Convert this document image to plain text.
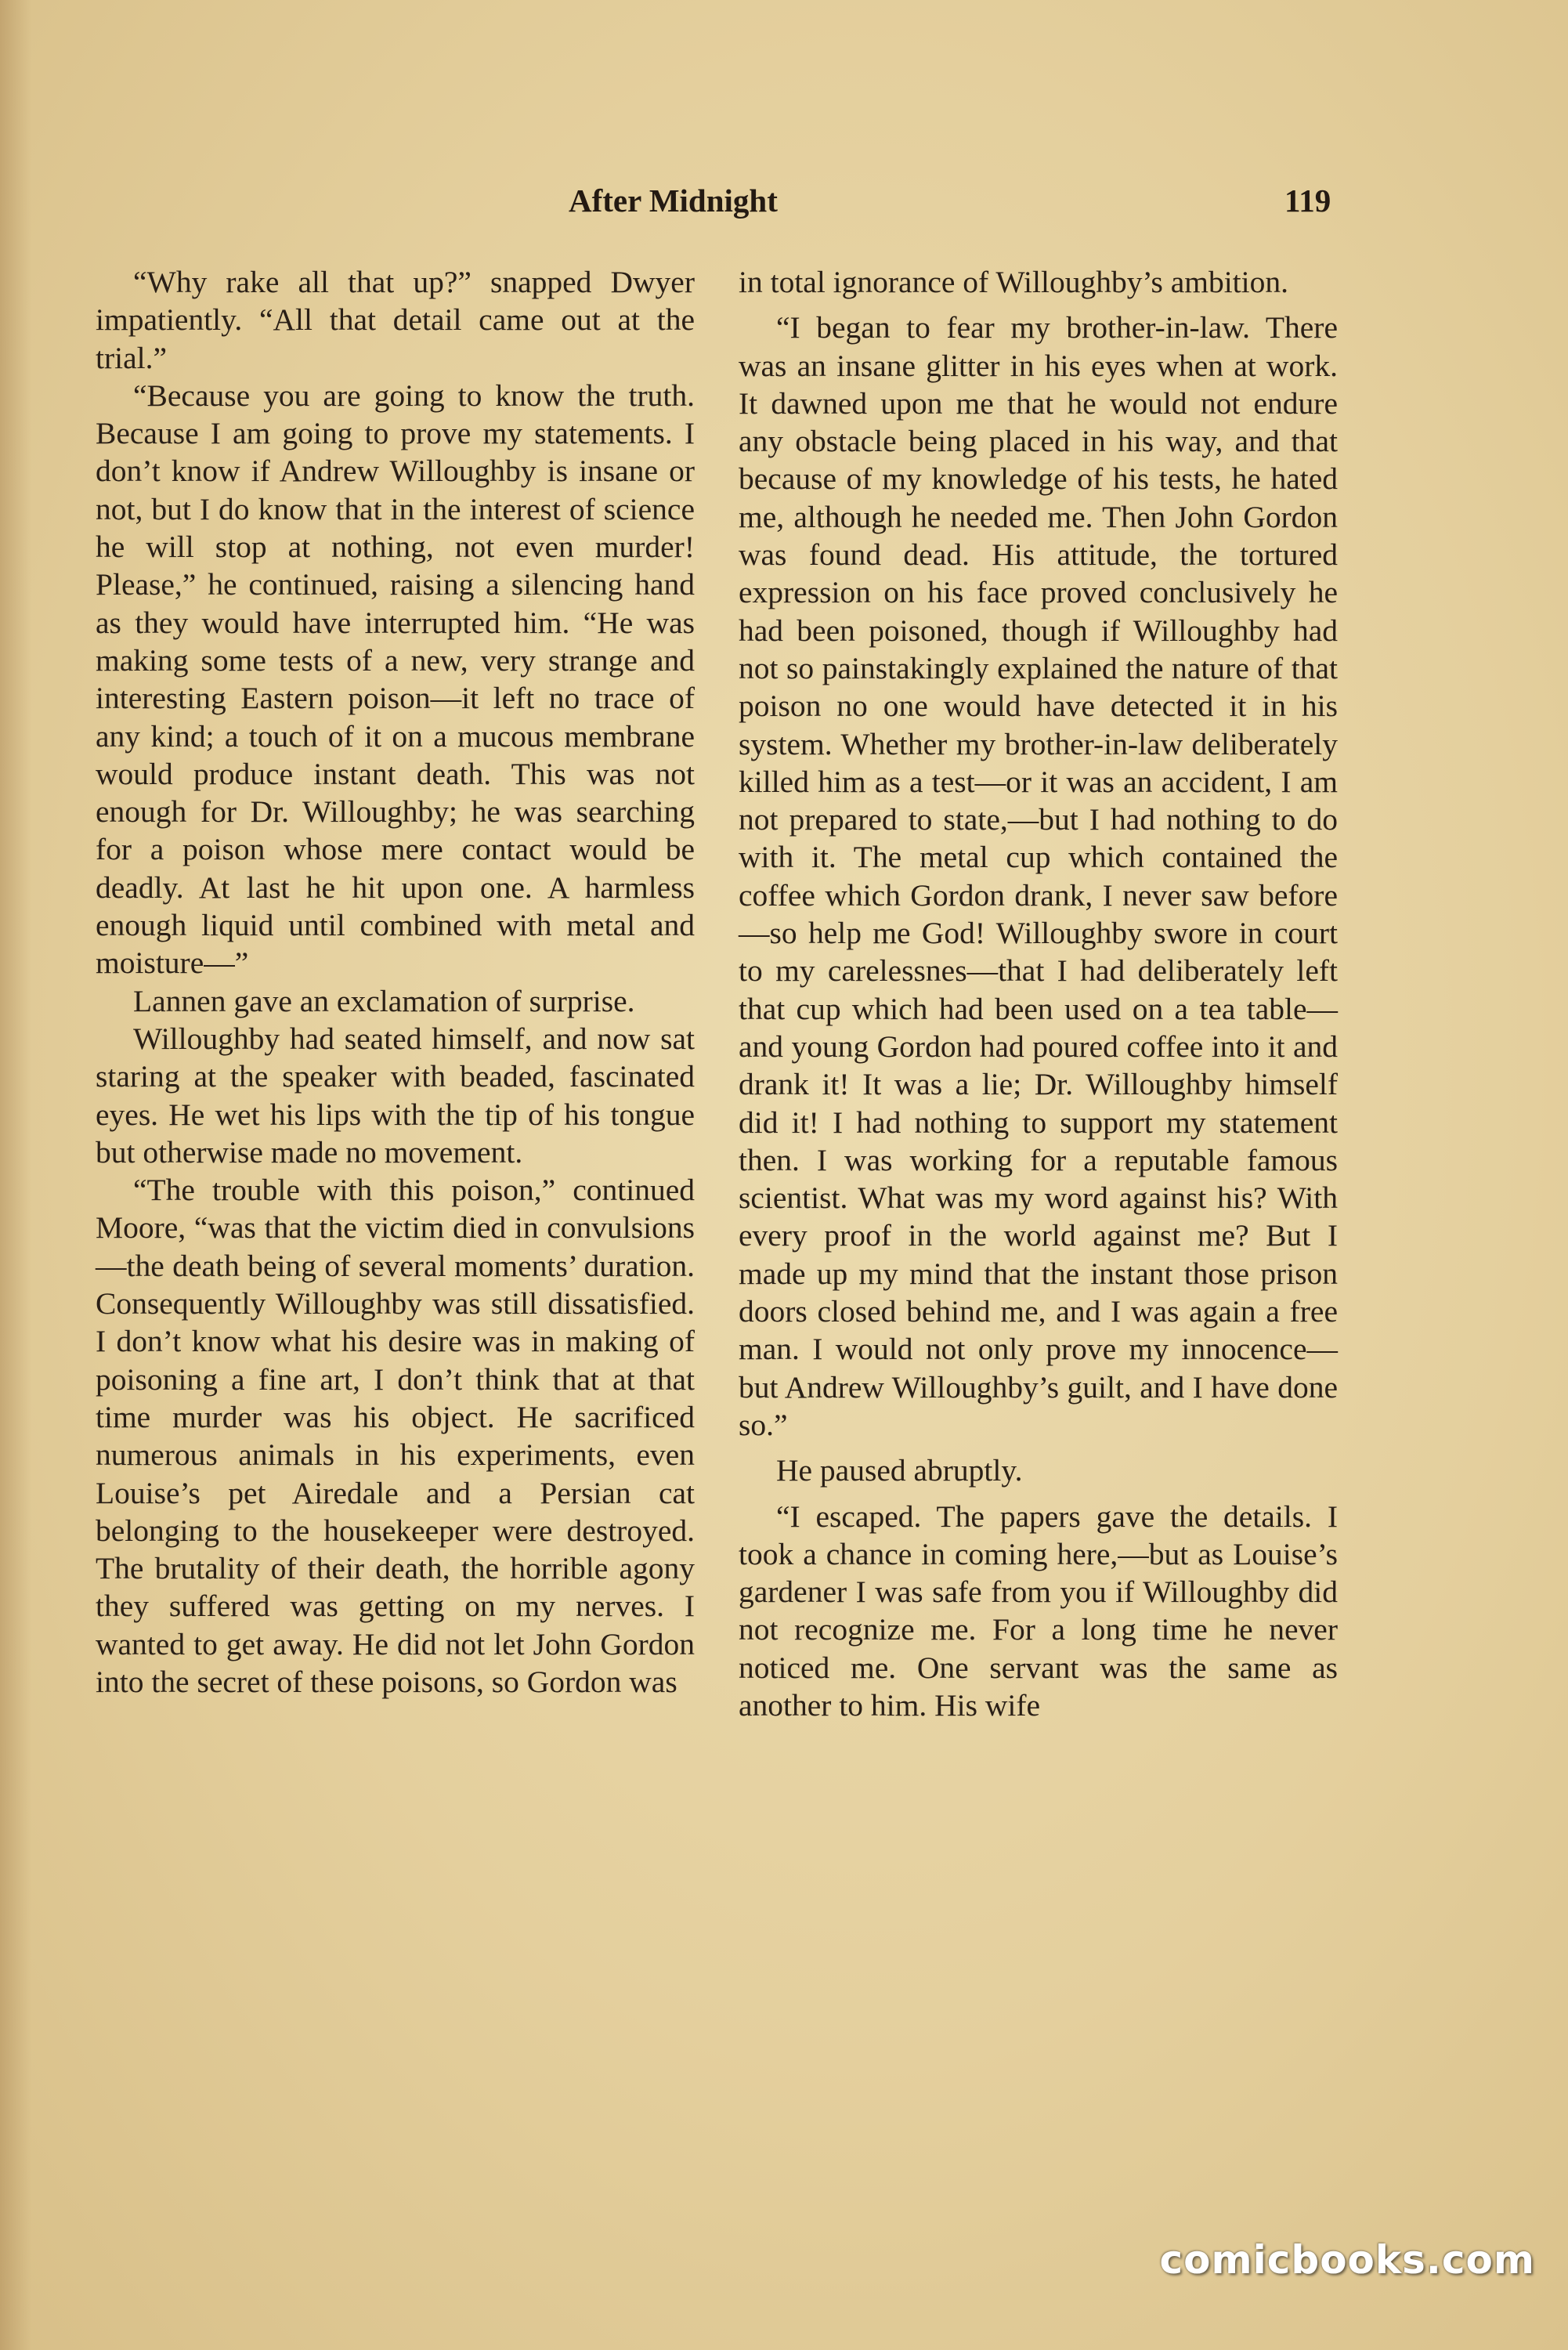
After Midnight	119

“Why rake all that up?” snapped Dwyer impatiently. “All that detail came out at the trial.”

“Because you are going to know the truth. Because I am going to prove my statements. I don’t know if Andrew Willoughby is insane or not, but I do know that in the interest of science he will stop at nothing, not even murder! Please,” he continued, raising a silencing hand as they would have interrupted him. “He was making some tests of a new, very strange and interesting Eastern poison—it left no trace of any kind; a touch of it on a mucous membrane would produce instant death. This was not enough for Dr. Willoughby; he was searching for a poison whose mere contact would be deadly. At last he hit upon one. A harmless enough liquid until combined with metal and moisture—”

Lannen gave an exclamation of surprise.

Willoughby had seated himself, and now sat staring at the speaker with beaded, fascinated eyes. He wet his lips with the tip of his tongue but otherwise made no movement.

“The trouble with this poison,” continued Moore, “was that the victim died in convulsions—the death being of several moments’ duration. Consequently Willoughby was still dissatisfied. I don’t know what his desire was in making of poisoning a fine art, I don’t think that at that time murder was his object. He sacrificed numerous animals in his experiments, even Louise’s pet Airedale and a Persian cat belonging to the housekeeper were destroyed. The brutality of their death, the horrible agony they suffered was getting on my nerves. I wanted to get away. He did not let John Gordon into the secret of these poisons, so Gordon was

in total ignorance of Willoughby’s ambition.

“I began to fear my brother-in-law. There was an insane glitter in his eyes when at work. It dawned upon me that he would not endure any obstacle being placed in his way, and that because of my knowledge of his tests, he hated me, although he needed me. Then John Gordon was found dead. His attitude, the tortured expression on his face proved conclusively he had been poisoned, though if Willoughby had not so painstakingly explained the nature of that poison no one would have detected it in his system. Whether my brother-in-law deliberately killed him as a test—or it was an accident, I am not prepared to state,—but I had nothing to do with it. The metal cup which contained the coffee which Gordon drank, I never saw before—so help me God! Willoughby swore in court to my carelessnes—that I had deliberately left that cup which had been used on a tea table—and young Gordon had poured coffee into it and drank it! It was a lie; Dr. Willoughby himself did it! I had nothing to support my statement then. I was working for a reputable famous scientist. What was my word against his? With every proof in the world against me? But I made up my mind that the instant those prison doors closed behind me, and I was again a free man. I would not only prove my innocence—but Andrew Willoughby’s guilt, and I have done so.”

He paused abruptly.

“I escaped. The papers gave the details. I took a chance in coming here,—but as Louise’s gardener I was safe from you if Willoughby did not recognize me. For a long time he never noticed me. One servant was the same as another to him. His wife

comicbooks.com
